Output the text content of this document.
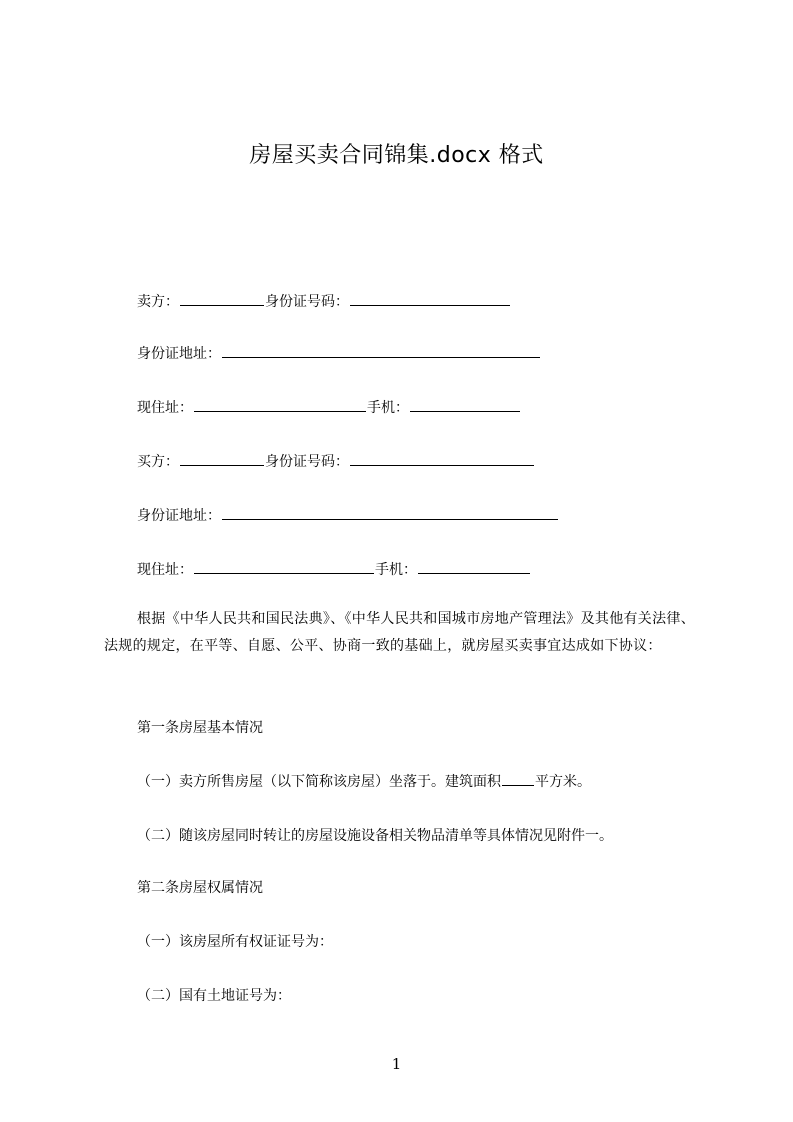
房屋买卖合同锦集.docx 格式
卖方：	身份证号码：
身份证地址：
现住址：	手机：
买方：	身份证号码：
身份证地址：
现住址：	手机：
根据《中华人民共和国民法典》、《中华人民共和国城市房地产管理法》及其他有关法律、法规的规定，在平等、自愿、公平、协商一致的基础上，就房屋买卖事宜达成如下协议：
第一条房屋基本情况
（一）卖方所售房屋（以下简称该房屋）坐落于。建筑面积 平方米。
（二）随该房屋同时转让的房屋设施设备相关物品清单等具体情况见附件一。
第二条房屋权属情况
（一）该房屋所有权证证号为：
（二）国有土地证号为：
1
